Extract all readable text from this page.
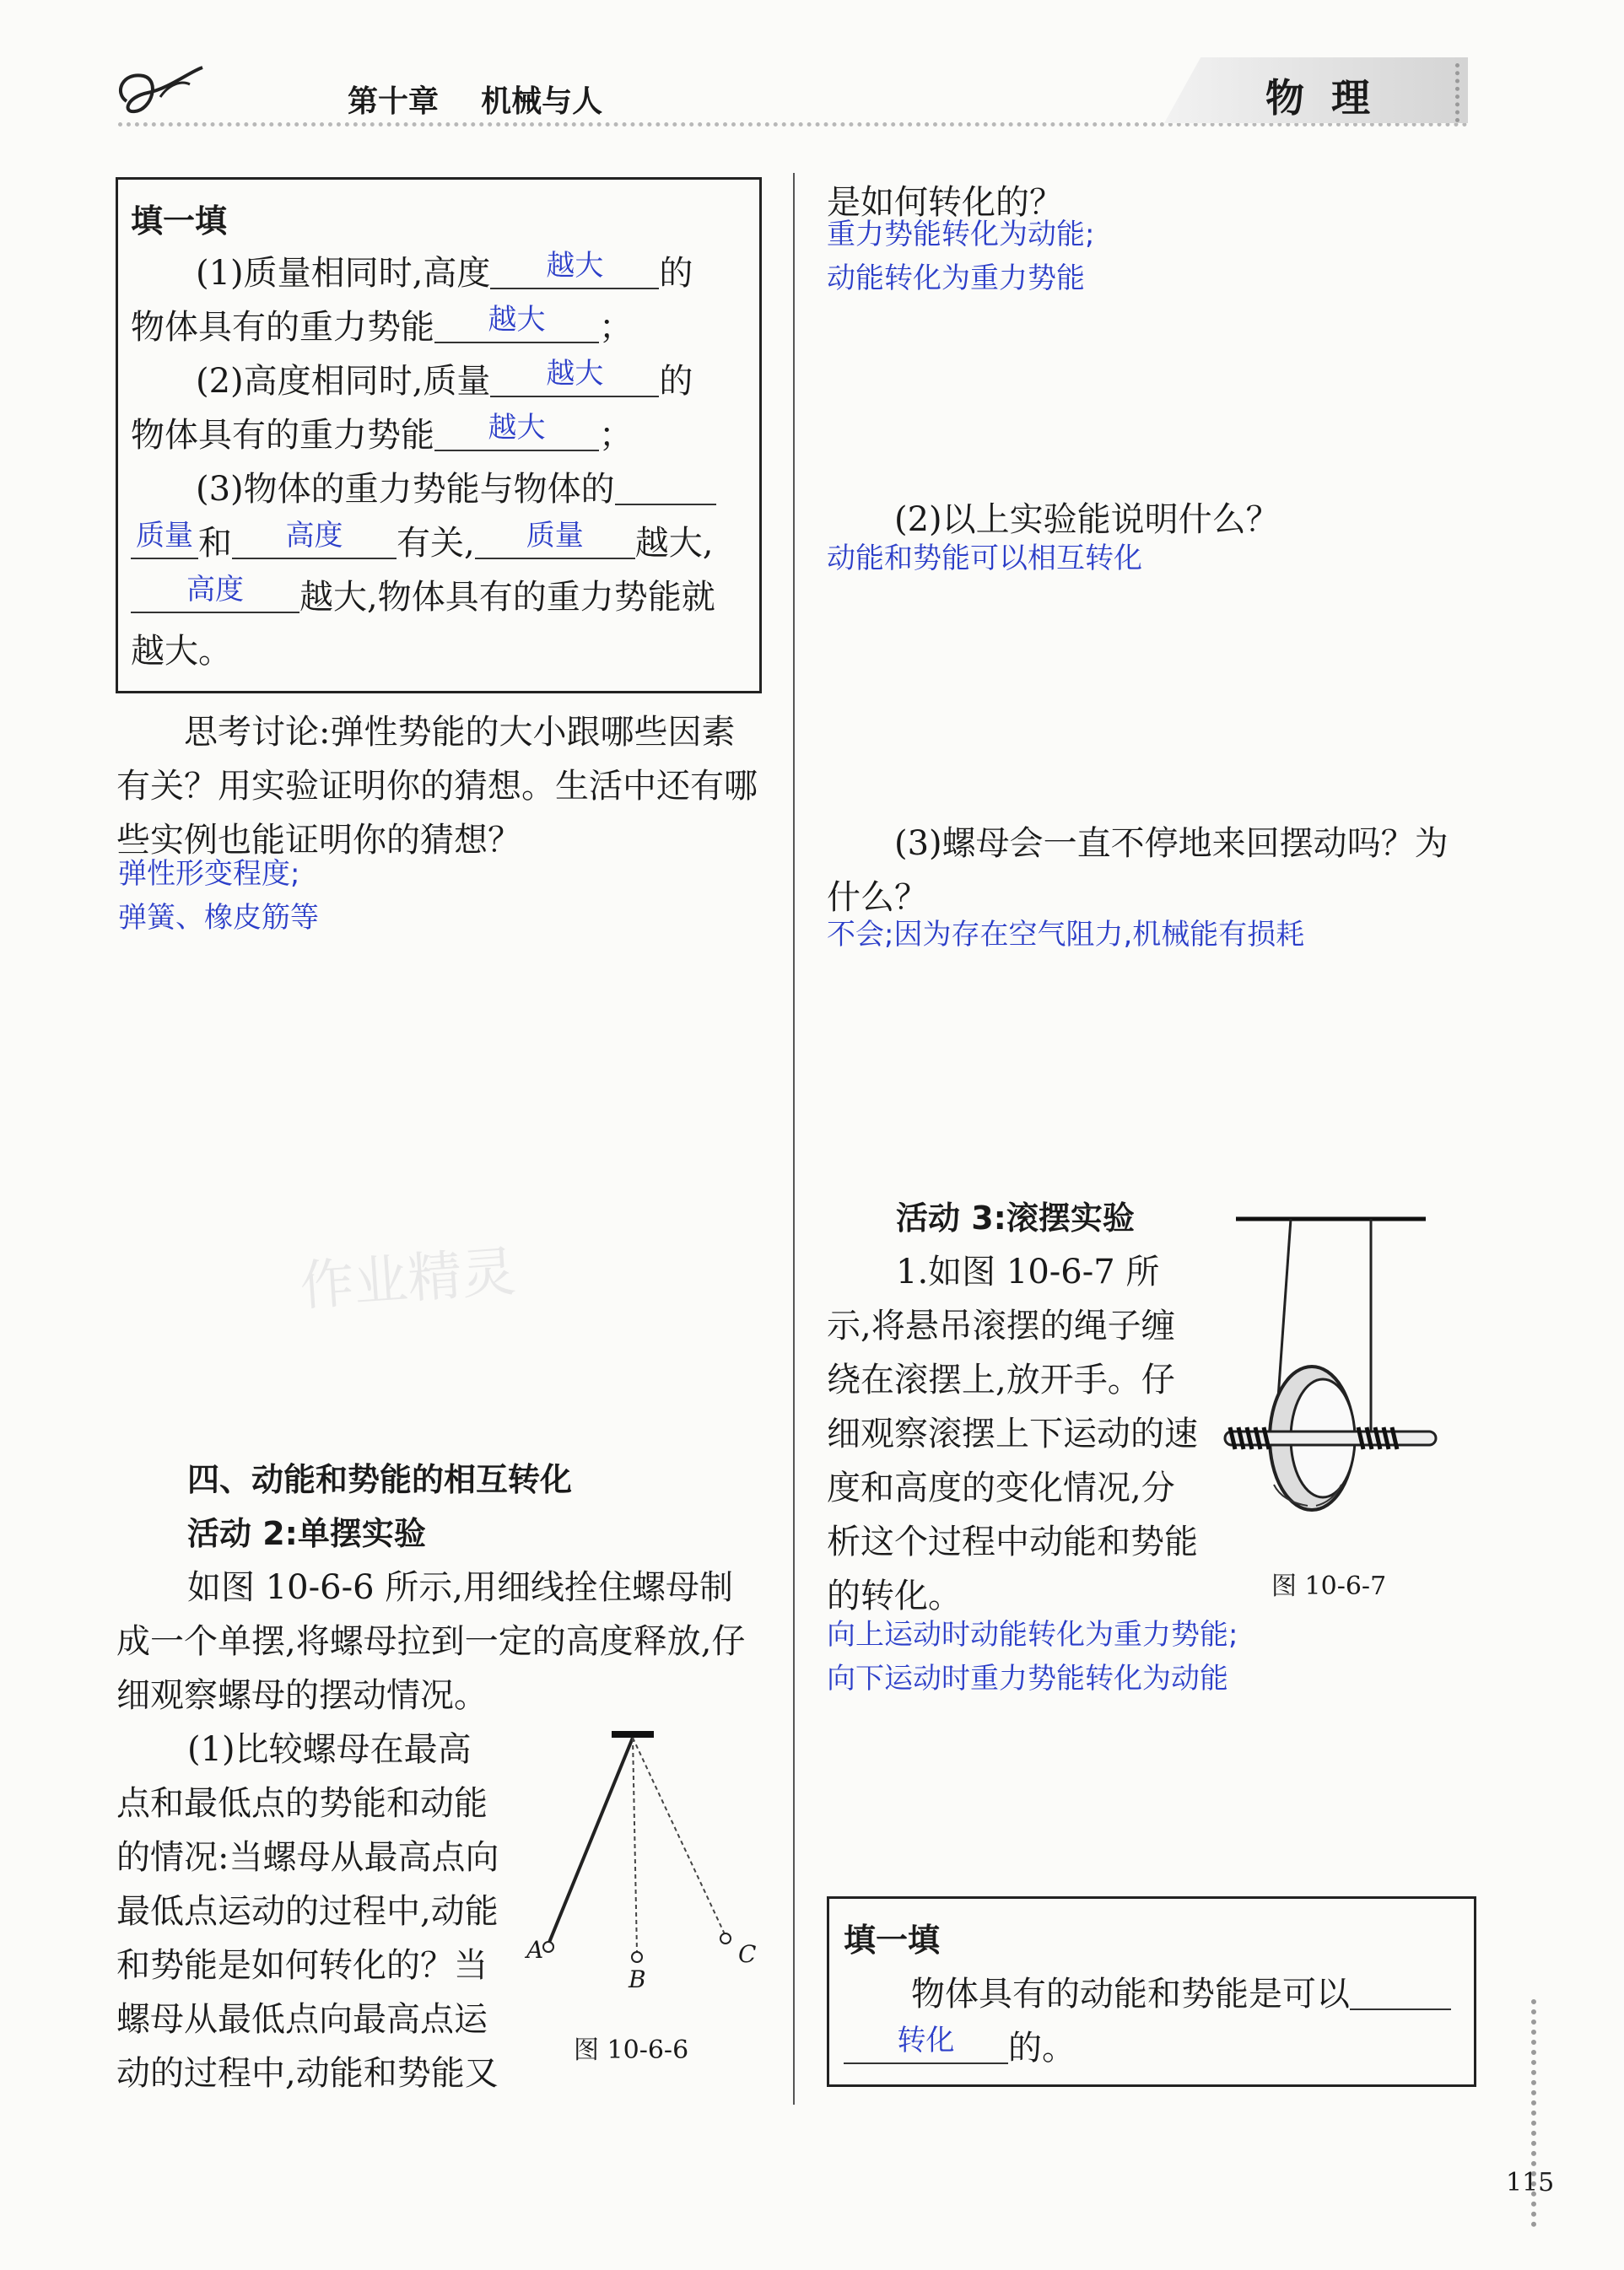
第十章    机械与人	物  理
填一填
(1)质量相同时,高度	越大	的
物体具有的重力势能	越大	；
(2)高度相同时,质量	越大	的
物体具有的重力势能	越大	；
(3)物体的重力势能与物体的
质量 和	高度	有关,	质量	越大,
高度	越大,物体具有的重力势能就
越大。
思考讨论:弹性势能的大小跟哪些因素
有关？用实验证明你的猜想。生活中还有哪
些实例也能证明你的猜想？
弹性形变程度;
弹簧、橡皮筋等
作业精灵
四、动能和势能的相互转化
活动 2:单摆实验
如图 10-6-6 所示,用细线拴住螺母制
成一个单摆,将螺母拉到一定的高度释放,仔
细观察螺母的摆动情况。
(1)比较螺母在最高
点和最低点的势能和动能
的情况:当螺母从最高点向
最低点运动的过程中,动能
和势能是如何转化的？当
螺母从最低点向最高点运
动的过程中,动能和势能又
A
B
C
图 10-6-6
是如何转化的？
重力势能转化为动能;
动能转化为重力势能
(2)以上实验能说明什么？
动能和势能可以相互转化
(3)螺母会一直不停地来回摆动吗？为
什么？
不会;因为存在空气阻力,机械能有损耗
活动 3:滚摆实验
1.如图 10-6-7 所
示,将悬吊滚摆的绳子缠
绕在滚摆上,放开手。仔
细观察滚摆上下运动的速
度和高度的变化情况,分
析这个过程中动能和势能
的转化。	图 10-6-7
向上运动时动能转化为重力势能;
向下运动时重力势能转化为动能
填一填
物体具有的动能和势能是可以
转化	的。
115
